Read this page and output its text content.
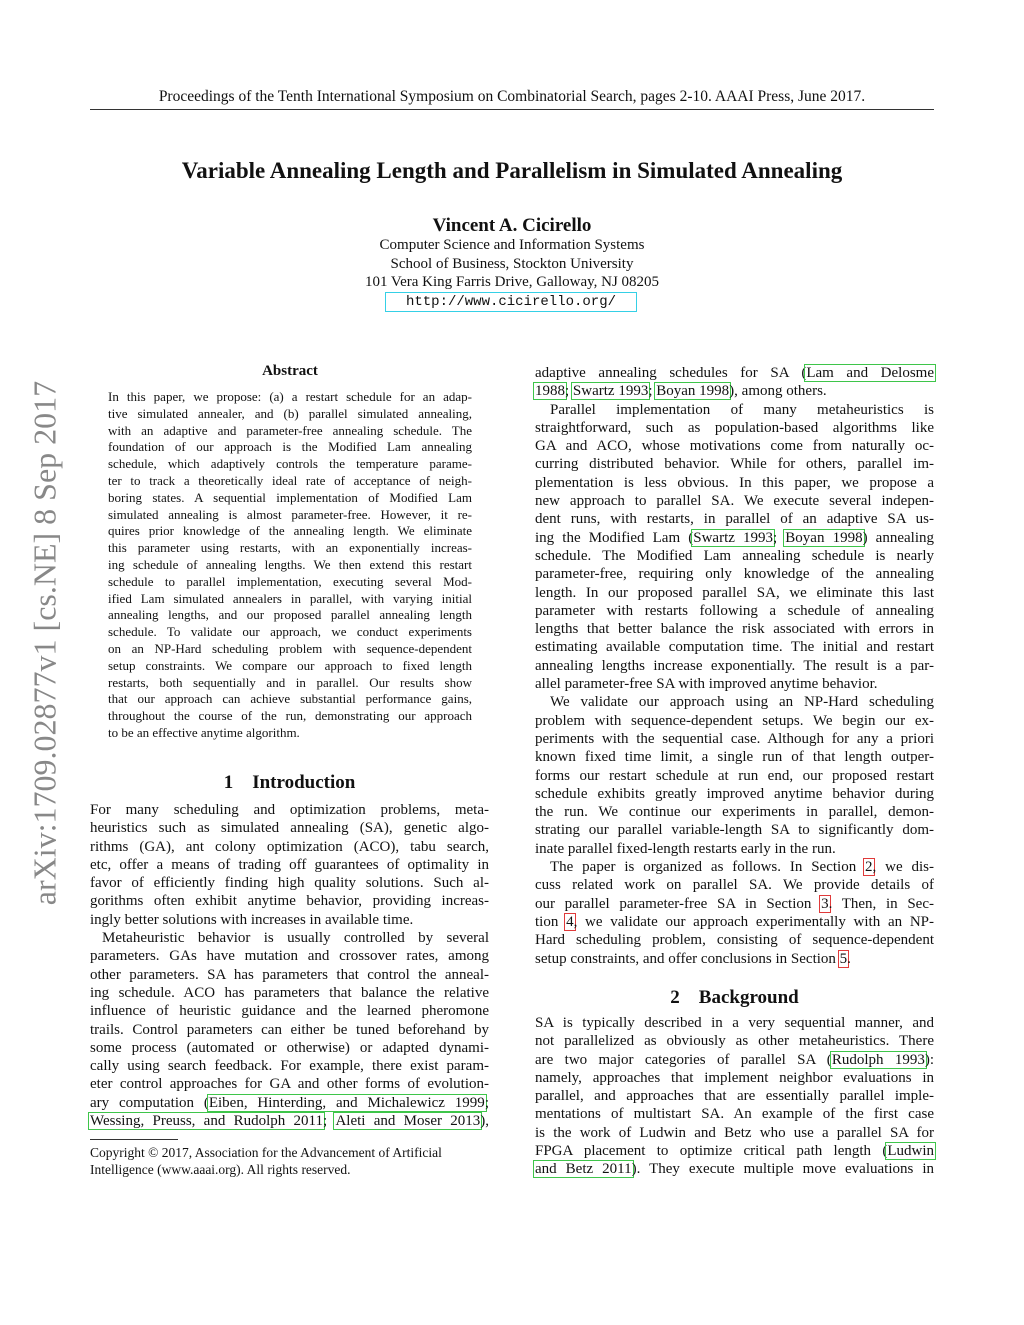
Proceedings of the Tenth International Symposium on Combinatorial Search, pages 2-10. AAAI Press, June 2017.
Variable Annealing Length and Parallelism in Simulated Annealing
Vincent A. Cicirello
Computer Science and Information Systems
School of Business, Stockton University
101 Vera King Farris Drive, Galloway, NJ 08205
http://www.cicirello.org/
arXiv:1709.02877v1 [cs.NE] 8 Sep 2017
Abstract
In this paper, we propose: (a) a restart schedule for an adap-
tive simulated annealer, and (b) parallel simulated annealing,
with an adaptive and parameter-free annealing schedule. The
foundation of our approach is the Modified Lam annealing
schedule, which adaptively controls the temperature parame-
ter to track a theoretically ideal rate of acceptance of neigh-
boring states. A sequential implementation of Modified Lam
simulated annealing is almost parameter-free. However, it re-
quires prior knowledge of the annealing length. We eliminate
this parameter using restarts, with an exponentially increas-
ing schedule of annealing lengths. We then extend this restart
schedule to parallel implementation, executing several Mod-
ified Lam simulated annealers in parallel, with varying initial
annealing lengths, and our proposed parallel annealing length
schedule. To validate our approach, we conduct experiments
on an NP-Hard scheduling problem with sequence-dependent
setup constraints. We compare our approach to fixed length
restarts, both sequentially and in parallel. Our results show
that our approach can achieve substantial performance gains,
throughout the course of the run, demonstrating our approach
to be an effective anytime algorithm.
1 Introduction
For many scheduling and optimization problems, meta-
heuristics such as simulated annealing (SA), genetic algo-
rithms (GA), ant colony optimization (ACO), tabu search,
etc, offer a means of trading off guarantees of optimality in
favor of efficiently finding high quality solutions. Such al-
gorithms often exhibit anytime behavior, providing increas-
ingly better solutions with increases in available time.
Metaheuristic behavior is usually controlled by several
parameters. GAs have mutation and crossover rates, among
other parameters. SA has parameters that control the anneal-
ing schedule. ACO has parameters that balance the relative
influence of heuristic guidance and the learned pheromone
trails. Control parameters can either be tuned beforehand by
some process (automated or otherwise) or adapted dynami-
cally using search feedback. For example, there exist param-
eter control approaches for GA and other forms of evolution-
ary computation (Eiben, Hinterding, and Michalewicz 1999;
Wessing, Preuss, and Rudolph 2011; Aleti and Moser 2013),
Copyright © 2017, Association for the Advancement of Artificial
Intelligence (www.aaai.org). All rights reserved.
adaptive annealing schedules for SA (Lam and Delosme
1988; Swartz 1993; Boyan 1998), among others.
Parallel implementation of many metaheuristics is
straightforward, such as population-based algorithms like
GA and ACO, whose motivations come from naturally oc-
curring distributed behavior. While for others, parallel im-
plementation is less obvious. In this paper, we propose a
new approach to parallel SA. We execute several indepen-
dent runs, with restarts, in parallel of an adaptive SA us-
ing the Modified Lam (Swartz 1993; Boyan 1998) annealing
schedule. The Modified Lam annealing schedule is nearly
parameter-free, requiring only knowledge of the annealing
length. In our proposed parallel SA, we eliminate this last
parameter with restarts following a schedule of annealing
lengths that better balance the risk associated with errors in
estimating available computation time. The initial and restart
annealing lengths increase exponentially. The result is a par-
allel parameter-free SA with improved anytime behavior.
We validate our approach using an NP-Hard scheduling
problem with sequence-dependent setups. We begin our ex-
periments with the sequential case. Although for any a priori
known fixed time limit, a single run of that length outper-
forms our restart schedule at run end, our proposed restart
schedule exhibits greatly improved anytime behavior during
the run. We continue our experiments in parallel, demon-
strating our parallel variable-length SA to significantly dom-
inate parallel fixed-length restarts early in the run.
The paper is organized as follows. In Section 2, we dis-
cuss related work on parallel SA. We provide details of
our parallel parameter-free SA in Section 3. Then, in Sec-
tion 4, we validate our approach experimentally with an NP-
Hard scheduling problem, consisting of sequence-dependent
setup constraints, and offer conclusions in Section 5.
2 Background
SA is typically described in a very sequential manner, and
not parallelized as obviously as other metaheuristics. There
are two major categories of parallel SA (Rudolph 1993):
namely, approaches that implement neighbor evaluations in
parallel, and approaches that are essentially parallel imple-
mentations of multistart SA. An example of the first case
is the work of Ludwin and Betz who use a parallel SA for
FPGA placement to optimize critical path length (Ludwin
and Betz 2011). They execute multiple move evaluations in
